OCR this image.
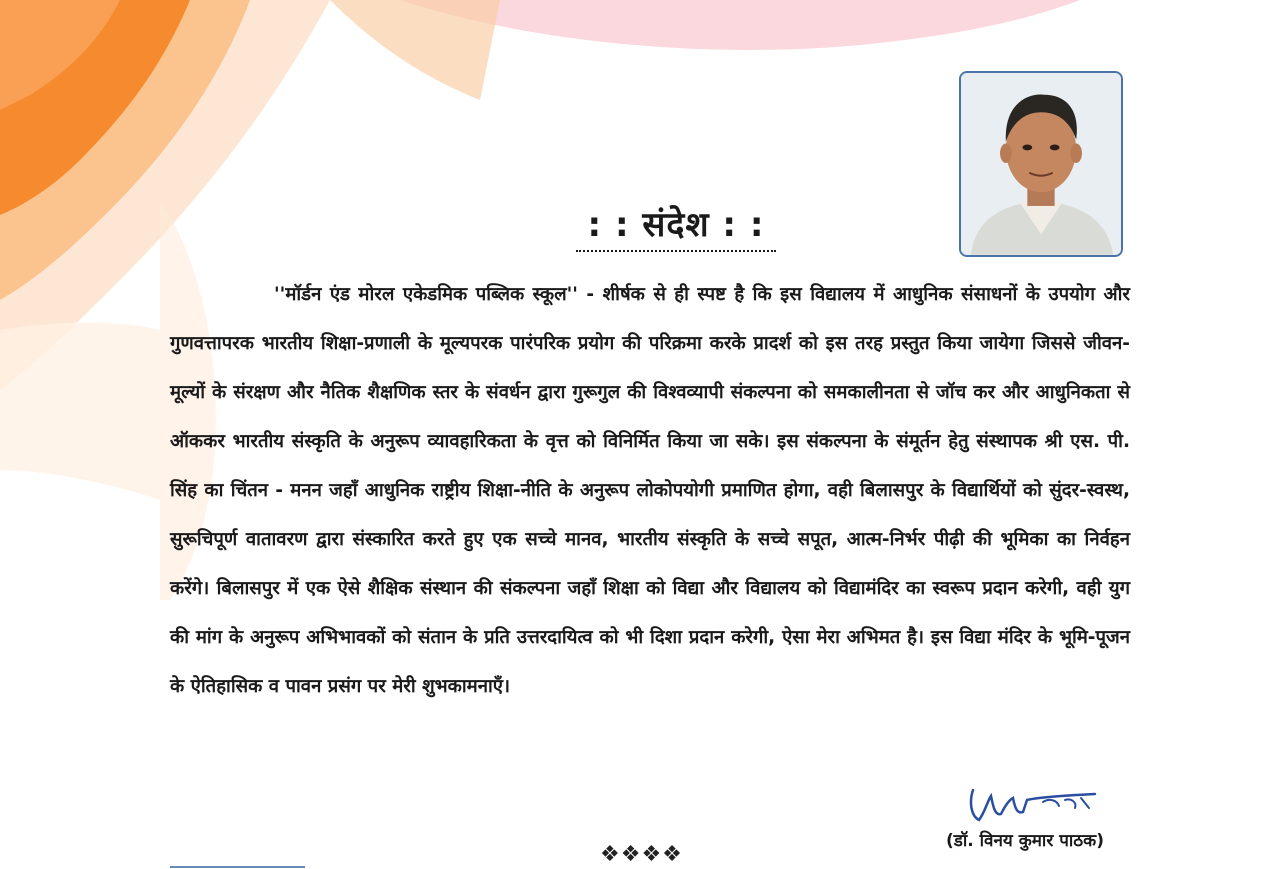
: : संदेश : :

''मॉर्डन एंड मोरल एकेडमिक पब्लिक स्कूल'' - शीर्षक से ही स्पष्ट है कि इस विद्यालय में आधुनिक संसाधनों के उपयोग और गुणवत्तापरक भारतीय शिक्षा-प्रणाली के मूल्यपरक पारंपरिक प्रयोग की परिक्रमा करके प्रादर्श को इस तरह प्रस्तुत किया जायेगा जिससे जीवन-मूल्यों के संरक्षण और नैतिक शैक्षणिक स्तर के संवर्धन द्वारा गुरूगुल की विश्वव्यापी संकल्पना को समकालीनता से जॉच कर और आधुनिकता से ऑककर भारतीय संस्कृति के अनुरूप व्यावहारिकता के वृत्त को विनिर्मित किया जा सके। इस संकल्पना के संमूर्तन हेतु संस्थापक श्री एस. पी. सिंह का चिंतन - मनन जहाँ आधुनिक राष्ट्रीय शिक्षा-नीति के अनुरूप लोकोपयोगी प्रमाणित होगा, वही बिलासपुर के विद्यार्थियों को सुंदर-स्वस्थ, सुरूचिपूर्ण वातावरण द्वारा संस्कारित करते हुए एक सच्चे मानव, भारतीय संस्कृति के सच्चे सपूत, आत्म-निर्भर पीढ़ी की भूमिका का निर्वहन करेंगे। बिलासपुर में एक ऐसे शैक्षिक संस्थान की संकल्पना जहाँ शिक्षा को विद्या और विद्यालय को विद्यामंदिर का स्वरूप प्रदान करेगी, वही युग की मांग के अनुरूप अभिभावकों को संतान के प्रति उत्तरदायित्व को भी दिशा प्रदान करेगी, ऐसा मेरा अभिमत है। इस विद्या मंदिर के भूमि-पूजन के ऐतिहासिक व पावन प्रसंग पर मेरी शुभकामनाएँ।

(डॉ. विनय कुमार पाठक)
❖❖❖❖
